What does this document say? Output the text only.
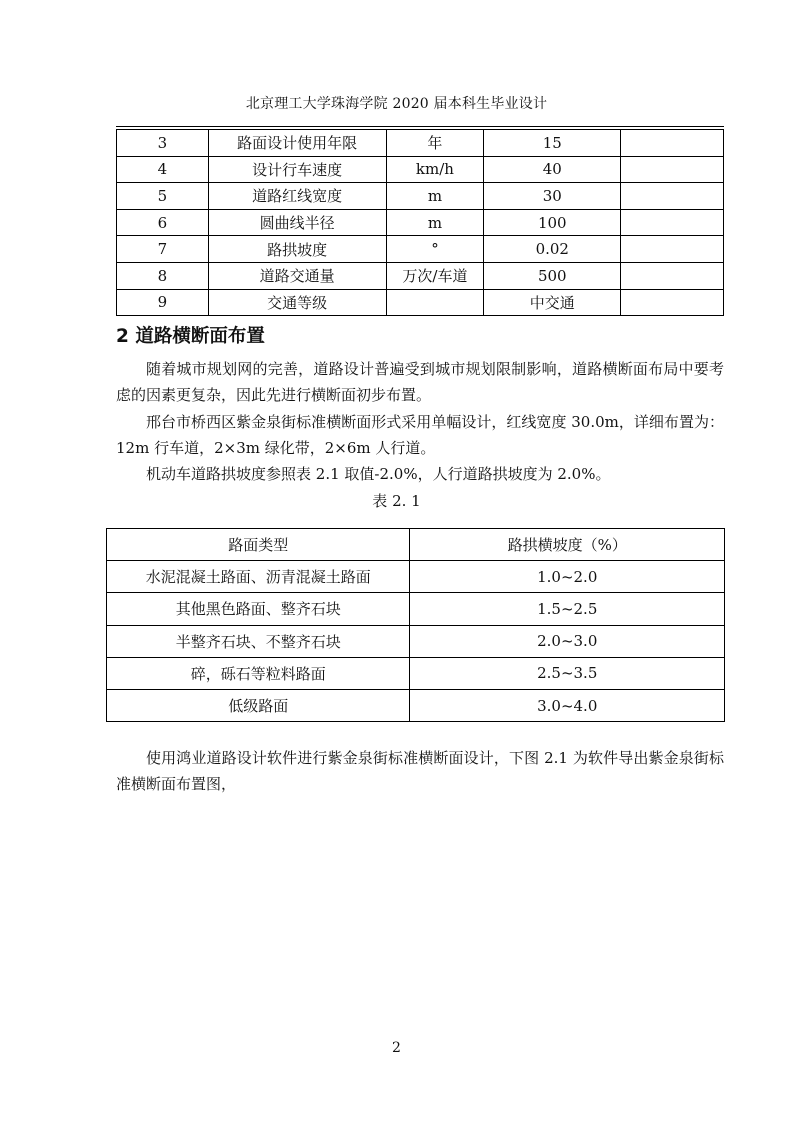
北京理工大学珠海学院 2020 届本科生毕业设计
3	路面设计使用年限	年	15	
4	设计行车速度	km/h	40	
5	道路红线宽度	m	30	
6	圆曲线半径	m	100	
7	路拱坡度	°	0.02	
8	道路交通量	万次/车道	500	
9	交通等级		中交通	
2 道路横断面布置
随着城市规划网的完善，道路设计普遍受到城市规划限制影响，道路横断面布局中要考虑的因素更复杂，因此先进行横断面初步布置。
邢台市桥西区紫金泉街标准横断面形式采用单幅设计，红线宽度 30.0m，详细布置为：12m 行车道，2×3m 绿化带，2×6m 人行道。
机动车道路拱坡度参照表 2.1 取值-2.0%，人行道路拱坡度为 2.0%。
表 2. 1
路面类型	路拱横坡度（%）
水泥混凝土路面、沥青混凝土路面	1.0~2.0
其他黑色路面、整齐石块	1.5~2.5
半整齐石块、不整齐石块	2.0~3.0
碎，砾石等粒料路面	2.5~3.5
低级路面	3.0~4.0
使用鸿业道路设计软件进行紫金泉街标准横断面设计，下图 2.1 为软件导出紫金泉街标准横断面布置图，
2
